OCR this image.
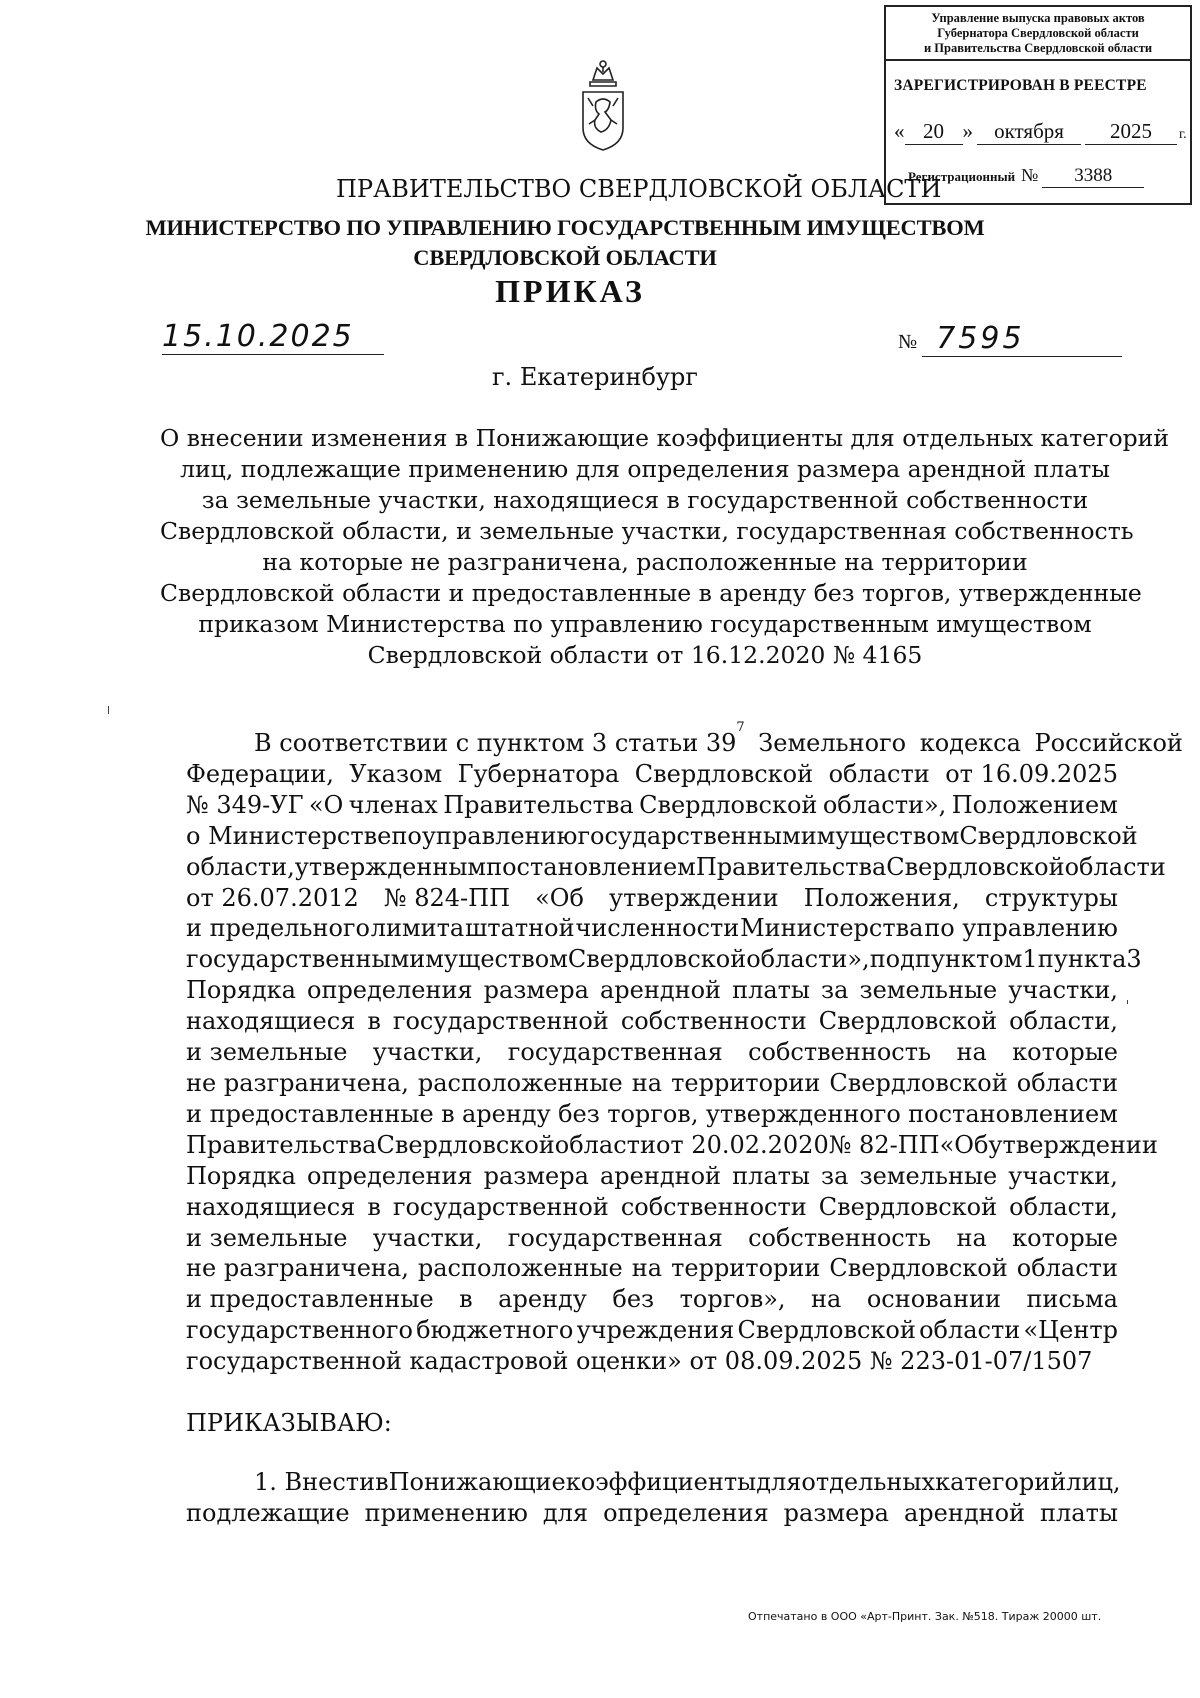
Управление выпуска правовых актов
Губернатора Свердловской области
и Правительства Свердловской области
ЗАРЕГИСТРИРОВАН В РЕЕСТРЕ
« 20 » октября 2025 г.
Регистрационный № 3388
ПРАВИТЕЛЬСТВО СВЕРДЛОВСКОЙ ОБЛАСТИ
МИНИСТЕРСТВО ПО УПРАВЛЕНИЮ ГОСУДАРСТВЕННЫМ ИМУЩЕСТВОМ
СВЕРДЛОВСКОЙ ОБЛАСТИ
ПРИКАЗ
15.10.2025	№ 7595
г. Екатеринбург
О внесении изменения в Понижающие коэффициенты для отдельных категорий
лиц, подлежащие применению для определения размера арендной платы
за земельные участки, находящиеся в государственной собственности
Свердловской области, и земельные участки, государственная собственность
на которые не разграничена, расположенные на территории
Свердловской области и предоставленные в аренду без торгов, утвержденные
приказом Министерства по управлению государственным имуществом
Свердловской области от 16.12.2020 № 4165
В соответствии с пунктом 3 статьи 39
7
Земельного кодекса Российской
Федерации, Указом Губернатора Свердловской области от 16.09.2025
№ 349-УГ «О членах Правительства Свердловской области», Положением
о Министерстве по управлению государственным имуществом Свердловской
области, утвержденным постановлением Правительства Свердловской области
от 26.07.2012 № 824-ПП «Об утверждении Положения, структуры
и предельного лимита штатной численности Министерства по управлению
государственным имуществом Свердловской области», подпунктом 1 пункта 3
Порядка определения размера арендной платы за земельные участки,
находящиеся в государственной собственности Свердловской области,
и земельные участки, государственная собственность на которые
не разграничена, расположенные на территории Свердловской области
и предоставленные в аренду без торгов, утвержденного постановлением
Правительства Свердловской области от 20.02.2020 № 82-ПП «Об утверждении
Порядка определения размера арендной платы за земельные участки,
находящиеся в государственной собственности Свердловской области,
и земельные участки, государственная собственность на которые
не разграничена, расположенные на территории Свердловской области
и предоставленные в аренду без торгов», на основании письма
государственного бюджетного учреждения Свердловской области «Центр
государственной кадастровой оценки» от 08.09.2025 № 223-01-07/1507
ПРИКАЗЫВАЮ:
1. Внести в Понижающие коэффициенты для отдельных категорий лиц,
подлежащие применению для определения размера арендной платы
Отпечатано в ООО «Арт-Принт. Зак. №518. Тираж 20000 шт.
